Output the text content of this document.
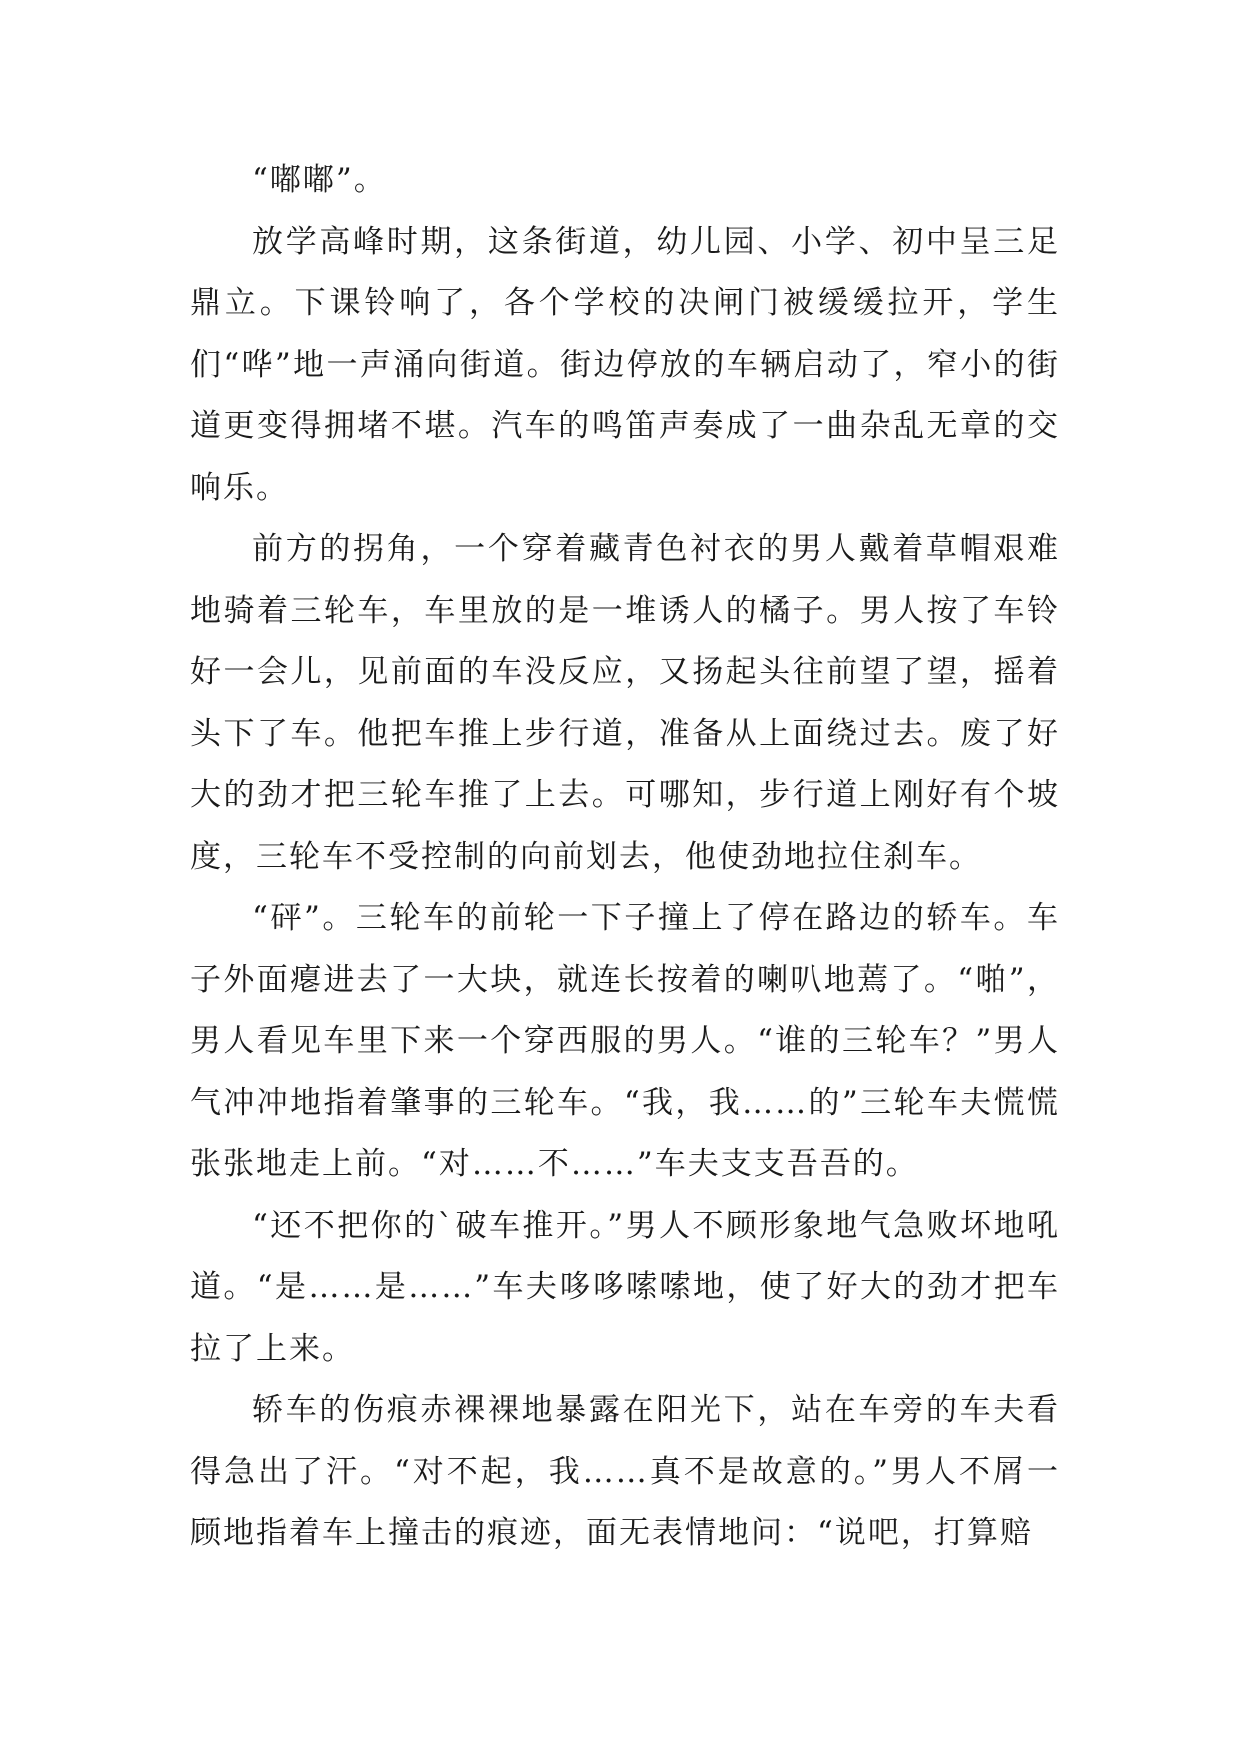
“嘟嘟”。

放学高峰时期，这条街道，幼儿园、小学、初中呈三足鼎立。下课铃响了，各个学校的决闸门被缓缓拉开，学生们“哗”地一声涌向街道。街边停放的车辆启动了，窄小的街道更变得拥堵不堪。汽车的鸣笛声奏成了一曲杂乱无章的交响乐。

前方的拐角，一个穿着藏青色衬衣的男人戴着草帽艰难地骑着三轮车，车里放的是一堆诱人的橘子。男人按了车铃好一会儿，见前面的车没反应，又扬起头往前望了望，摇着头下了车。他把车推上步行道，准备从上面绕过去。废了好大的劲才把三轮车推了上去。可哪知，步行道上刚好有个坡度，三轮车不受控制的向前划去，他使劲地拉住刹车。

“砰”。三轮车的前轮一下子撞上了停在路边的轿车。车子外面瘪进去了一大块，就连长按着的喇叭地蔫了。“啪”，男人看见车里下来一个穿西服的男人。“谁的三轮车？”男人气冲冲地指着肇事的三轮车。“我，我……的”三轮车夫慌慌张张地走上前。“对……不……”车夫支支吾吾的。

“还不把你的`破车推开。”男人不顾形象地气急败坏地吼道。“是……是……”车夫哆哆嗦嗦地，使了好大的劲才把车拉了上来。

轿车的伤痕赤裸裸地暴露在阳光下，站在车旁的车夫看得急出了汗。“对不起，我……真不是故意的。”男人不屑一顾地指着车上撞击的痕迹，面无表情地问：“说吧，打算赔
